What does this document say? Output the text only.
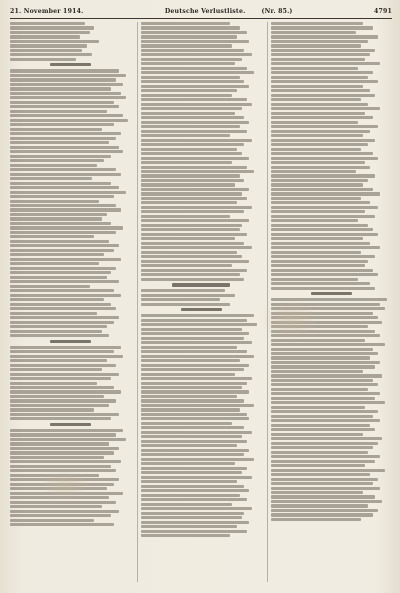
21. November 1914.	Deutsche Verlustliste.	(Nr. 85.)	4791
